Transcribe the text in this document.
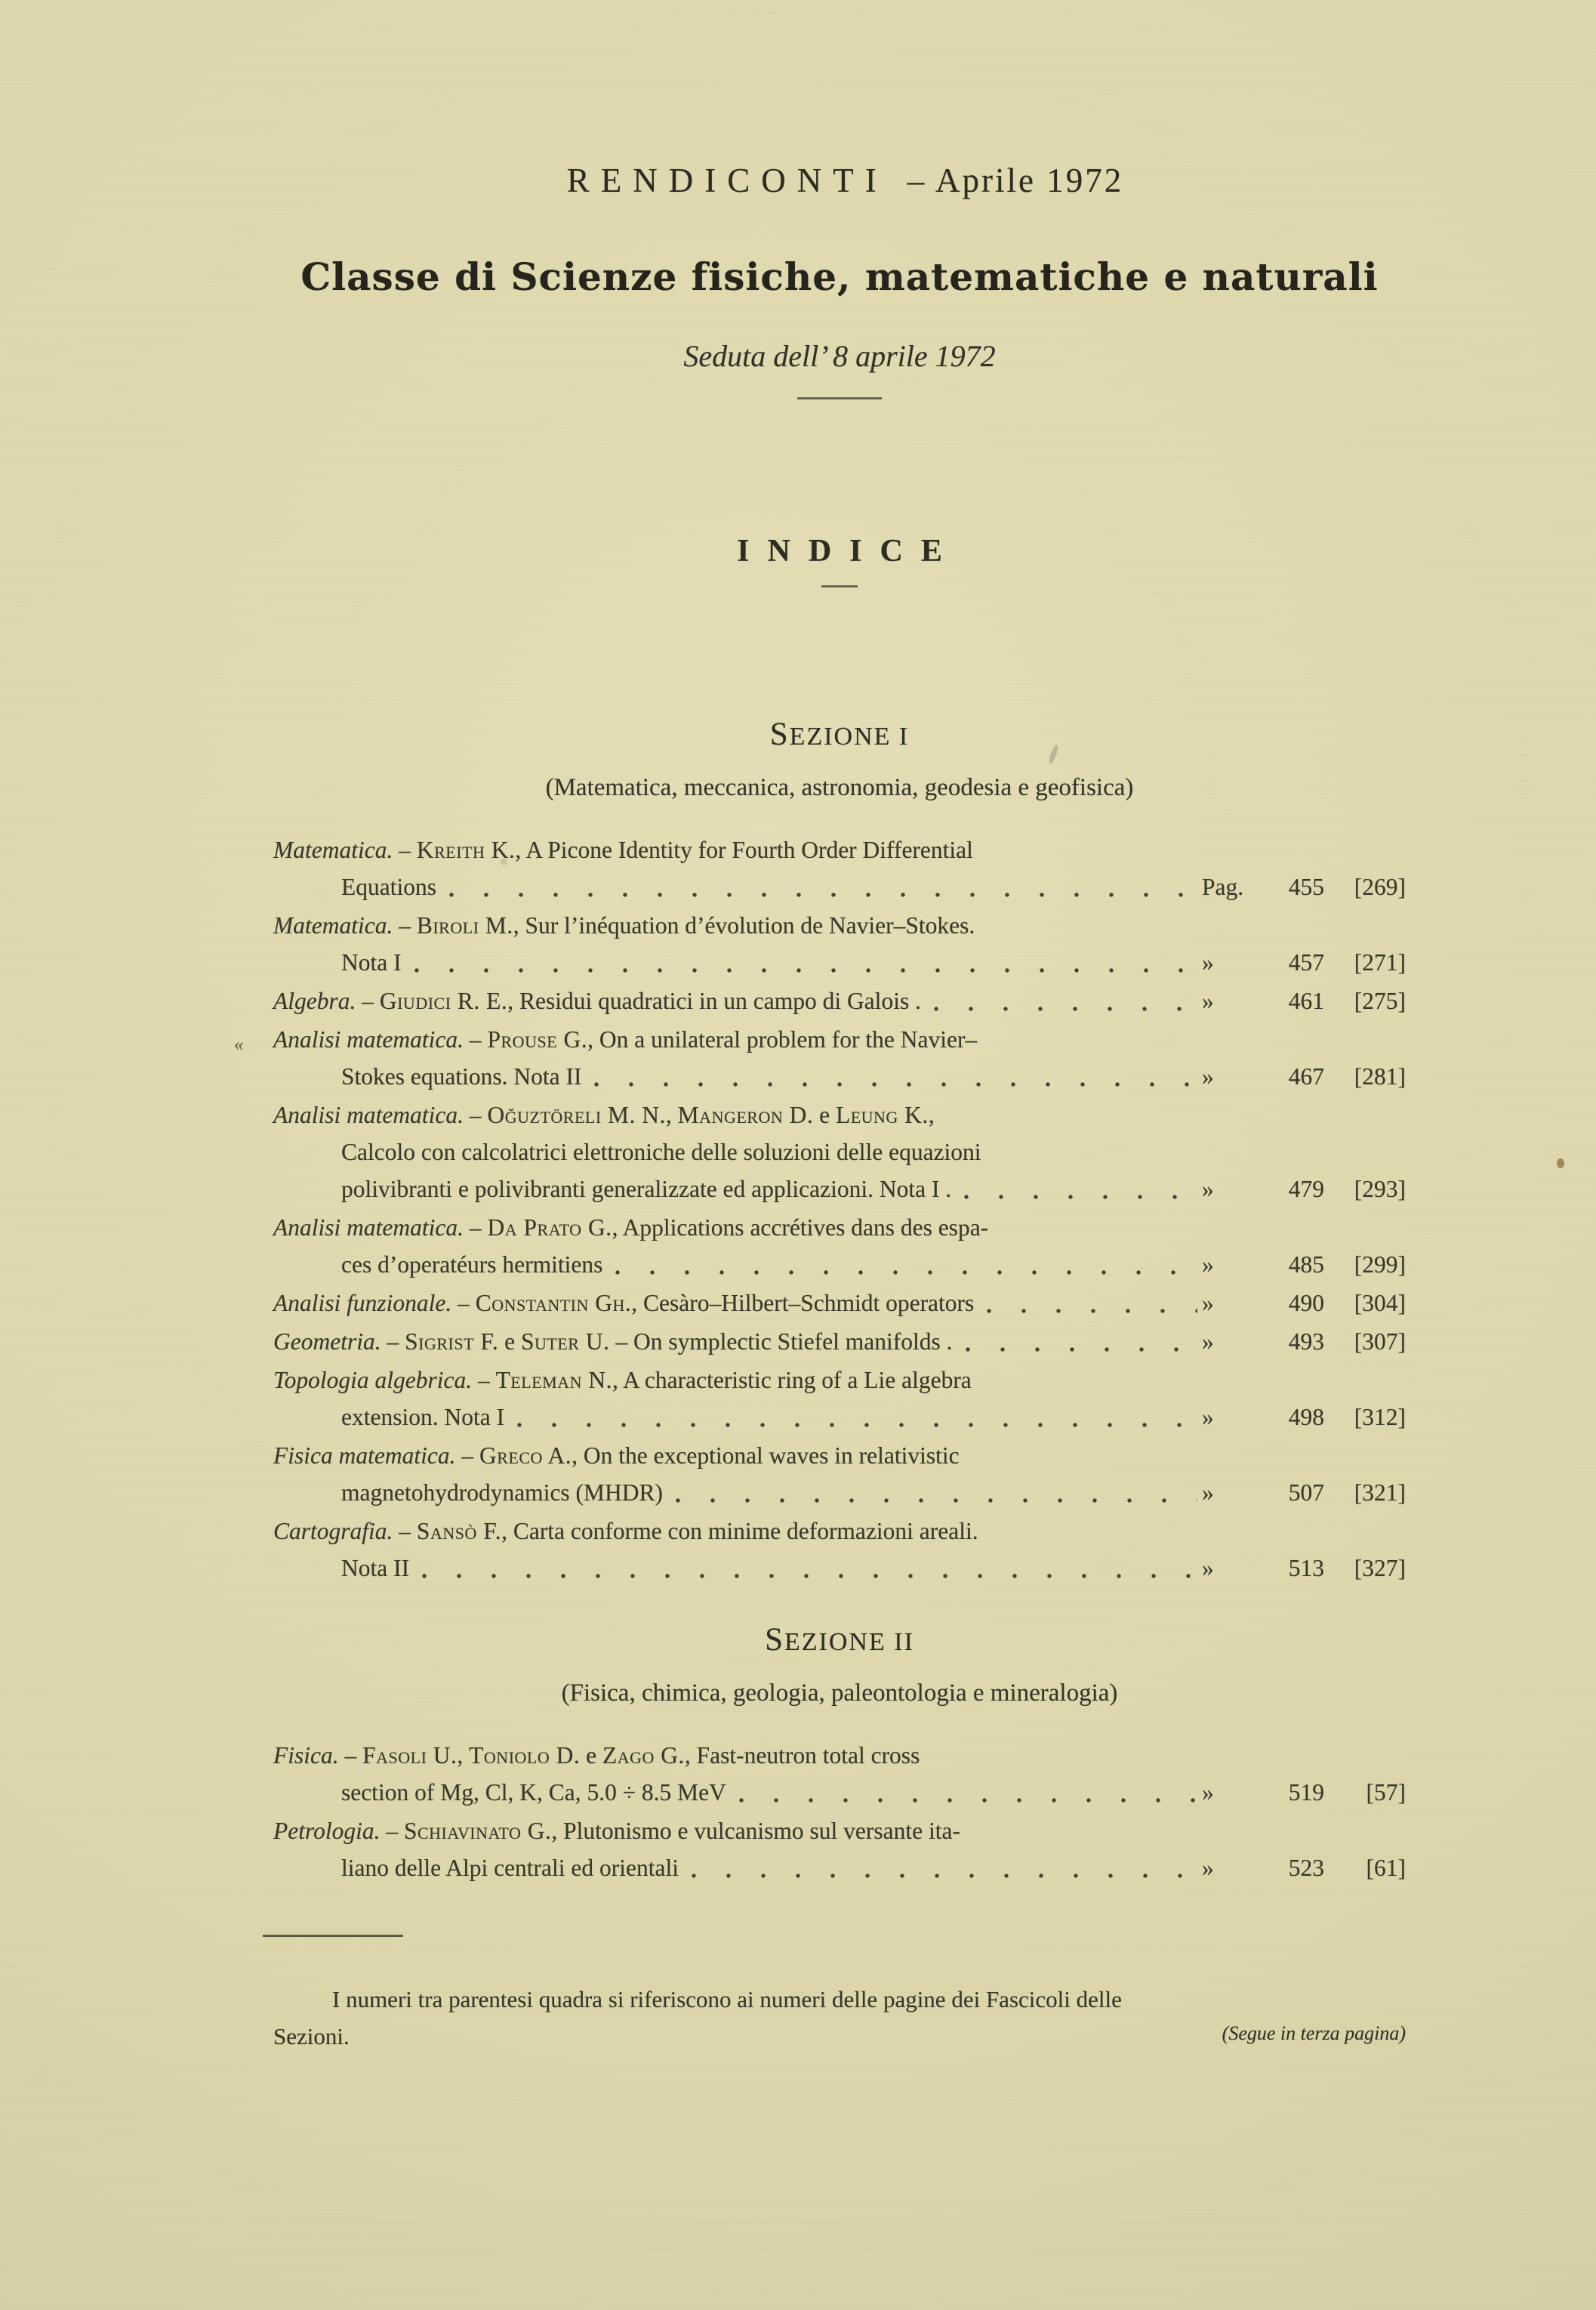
RENDICONTI – Aprile 1972
Classe di Scienze fisiche, matematiche e naturali
Seduta dell’ 8 aprile 1972
INDICE
SEZIONE I
(Matematica, meccanica, astronomia, geodesia e geofisica)
Matematica. – Kreith K., A Picone Identity for Fourth Order Differential
Equations	Pag.	455	[269]
Matematica. – Biroli M., Sur l’inéquation d’évolution de Navier–Stokes.
Nota I	»	457	[271]
Algebra. – Giudici R. E. , Residui quadratici in un campo di Galois .	»	461	[275]
« Analisi matematica. – Prouse G., On a unilateral problem for the Navier–
Stokes equations. Nota II	»	467	[281]
Analisi matematica. – Oğuztöreli M. N., Mangeron D. e Leung K.,
Calcolo con calcolatrici elettroniche delle soluzioni delle equazioni
polivibranti e polivibranti generalizzate ed applicazioni. Nota I .	»	479	[293]
Analisi matematica. – Da Prato G., Applications accrétives dans des espa-
ces d’operatéurs hermitiens	»	485	[299]
Analisi funzionale. – Constantin Gh. , Cesàro–Hilbert–Schmidt operators	»	490	[304]
Geometria. – Sigrist F. e Suter U. – On symplectic Stiefel manifolds .	»	493	[307]
Topologia algebrica. – Teleman N., A characteristic ring of a Lie algebra
extension. Nota I	»	498	[312]
Fisica matematica. – Greco A., On the exceptional waves in relativistic
magnetohydrodynamics (MHDR)	»	507	[321]
Cartografia. – Sansò F., Carta conforme con minime deformazioni areali.
Nota II	»	513	[327]
SEZIONE II
(Fisica, chimica, geologia, paleontologia e mineralogia)
Fisica. – Fasoli U., Toniolo D. e Zago G., Fast-neutron total cross
section of Mg, Cl, K, Ca, 5.0 ÷ 8.5 MeV	»	519	[57]
Petrologia. – Schiavinato G., Plutonismo e vulcanismo sul versante ita-
liano delle Alpi centrali ed orientali	»	523	[61]
I numeri tra parentesi quadra si riferiscono ai numeri delle pagine dei Fascicoli delle
Sezioni.	(Segue in terza pagina)
